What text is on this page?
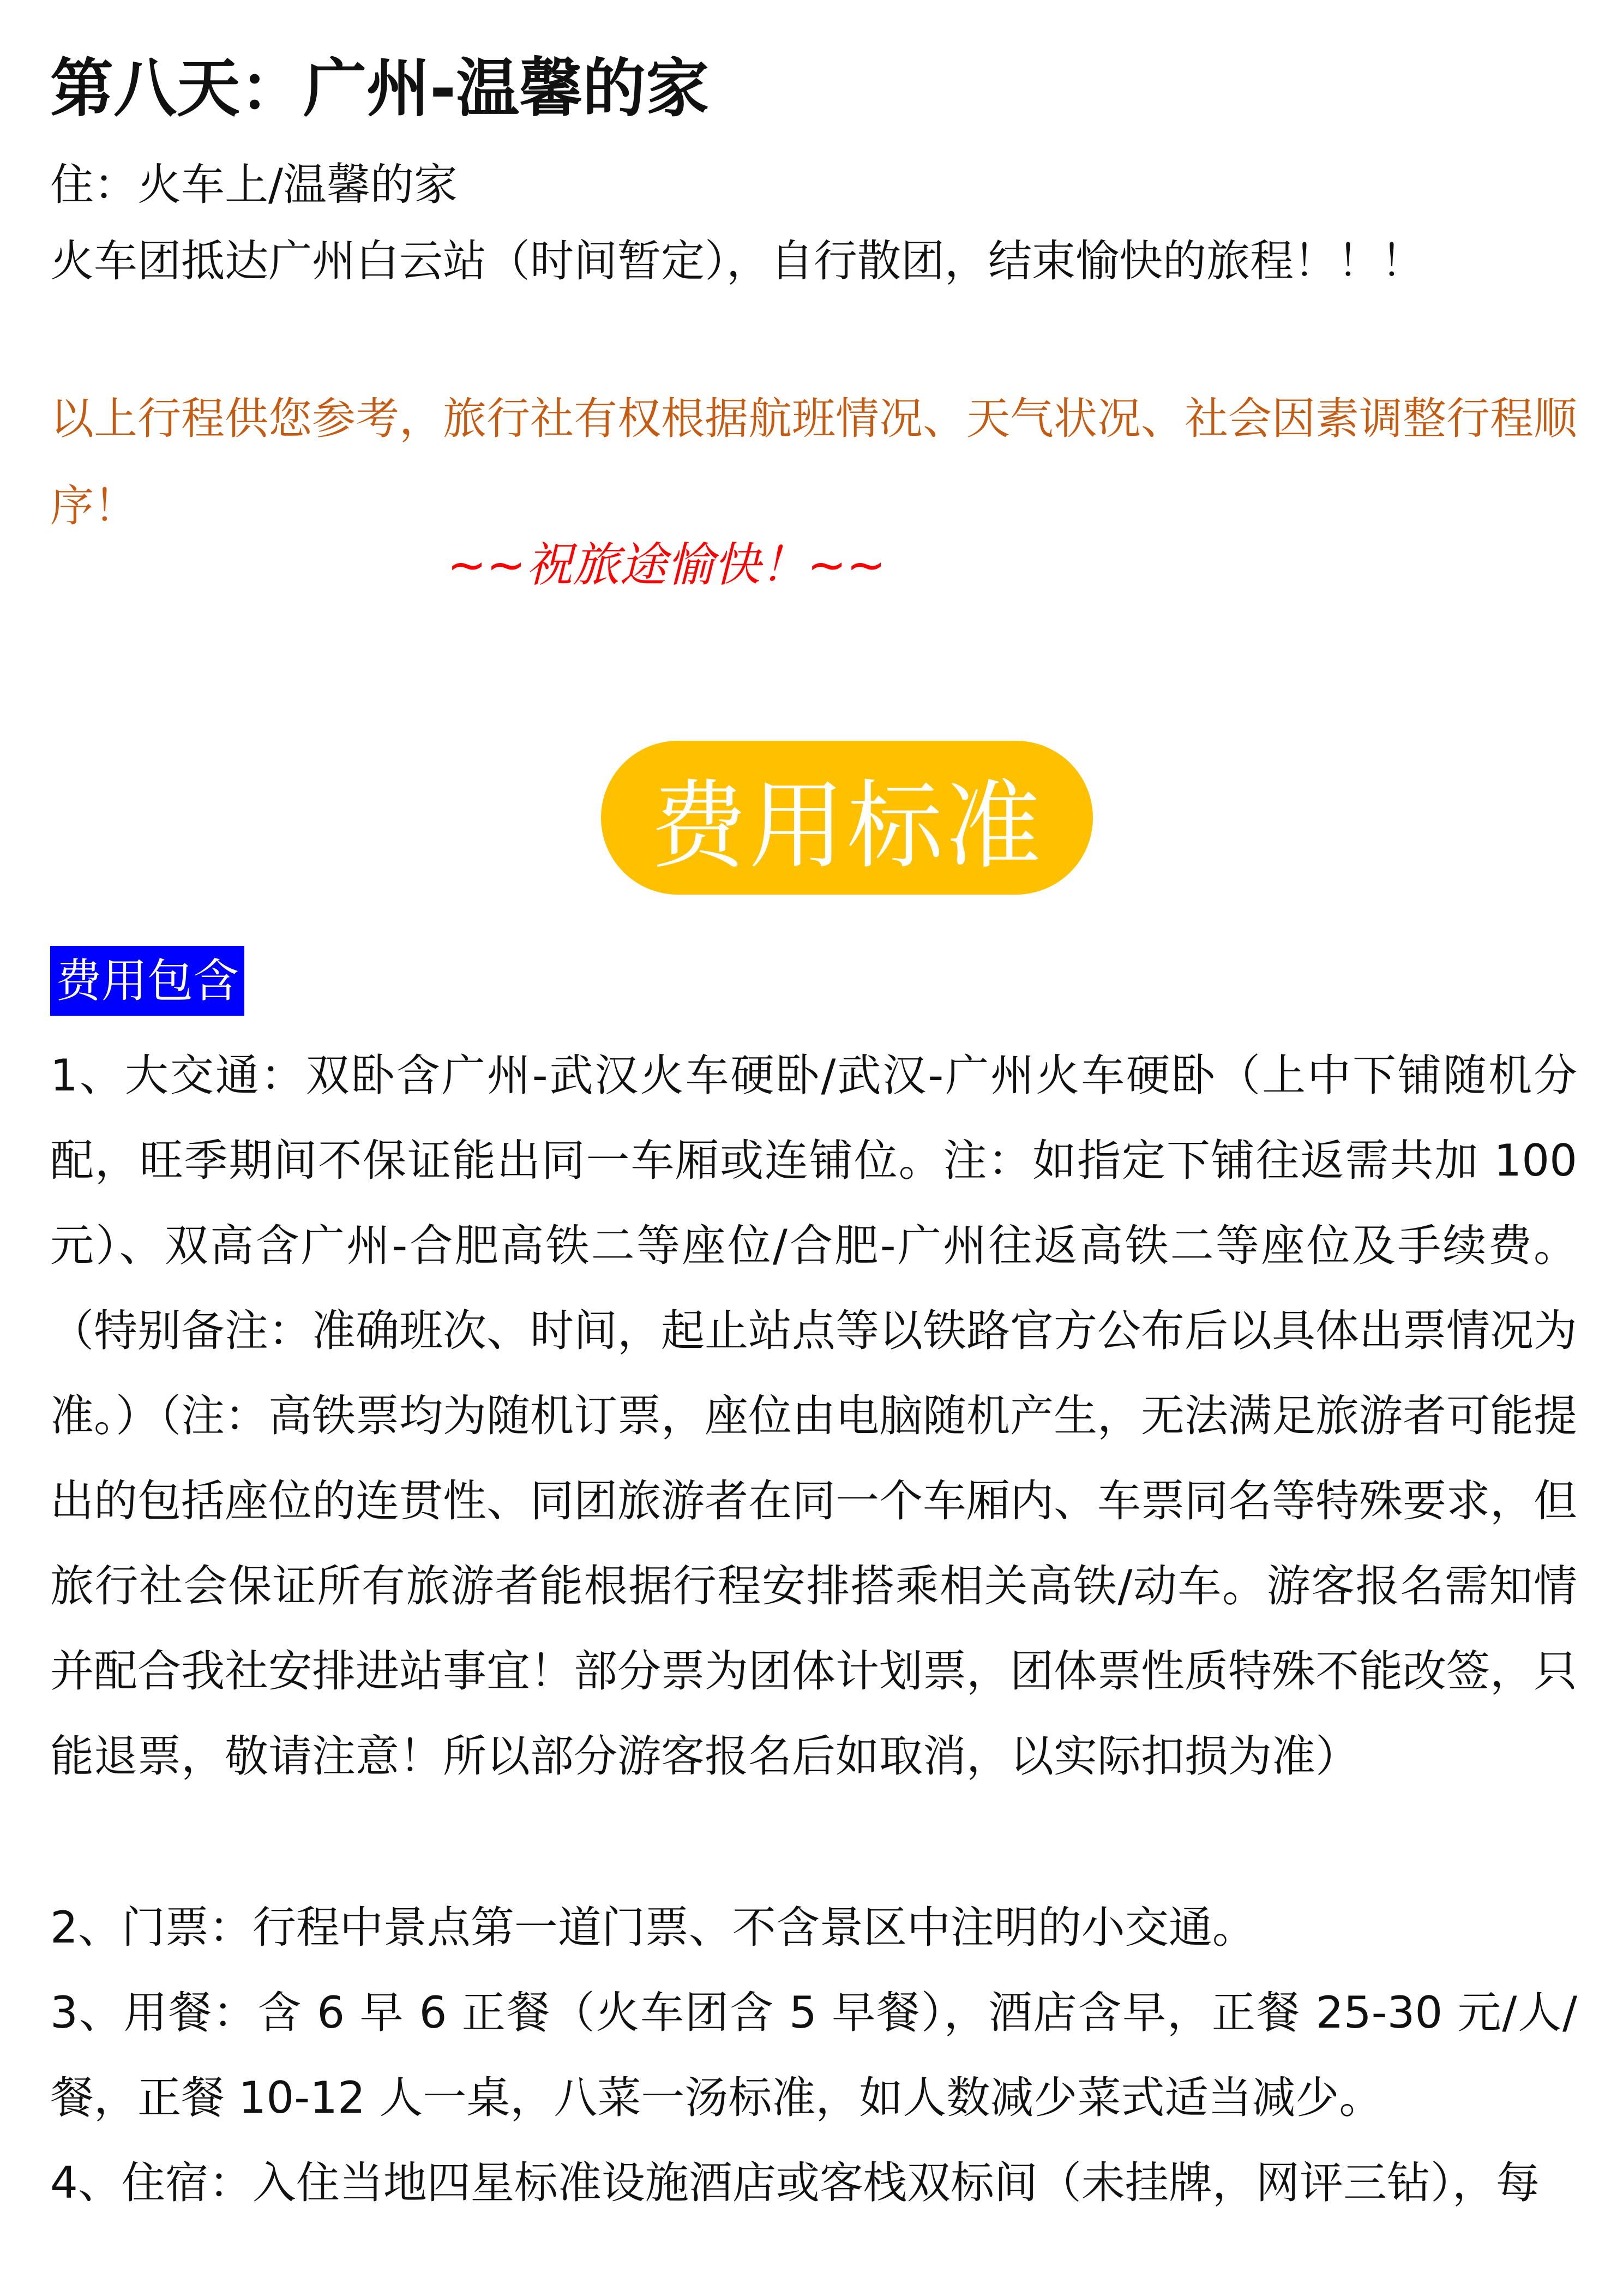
第八天：广州-温馨的家
住：火车上/温馨的家
火车团抵达广州白云站（时间暂定），自行散团，结束愉快的旅程！！！
以上行程供您参考，旅行社有权根据航班情况、天气状况、社会因素调整行程顺序！
~~祝旅途愉快！~~
费用标准
费用包含
1、大交通：双卧含广州-武汉火车硬卧/武汉-广州火车硬卧（上中下铺随机分配，旺季期间不保证能出同一车厢或连铺位。注：如指定下铺往返需共加 100 元）、双高含广州-合肥高铁二等座位/合肥-广州往返高铁二等座位及手续费。（特别备注：准确班次、时间，起止站点等以铁路官方公布后以具体出票情况为准。）
（注：高铁票均为随机订票，座位由电脑随机产生，无法满足旅游者可能提出的包括座位的连贯性、同团旅游者在同一个车厢内、车票同名等特殊要求，但旅行社会保证所有旅游者能根据行程安排搭乘相关高铁/动车。游客报名需知情并配合我社安排进站事宜！部分票为团体计划票，团体票性质特殊不能改签，只能退票，敬请注意！所以部分游客报名后如取消，以实际扣损为准）
2、门票：行程中景点第一道门票、不含景区中注明的小交通。
3、用餐：含 6 早 6 正餐（火车团含 5 早餐），酒店含早，正餐 25-30 元/人/餐，正餐 10-12 人一桌，八菜一汤标准，如人数减少菜式适当减少。
4、住宿：入住当地四星标准设施酒店或客栈双标间（未挂牌，网评三钻），每
